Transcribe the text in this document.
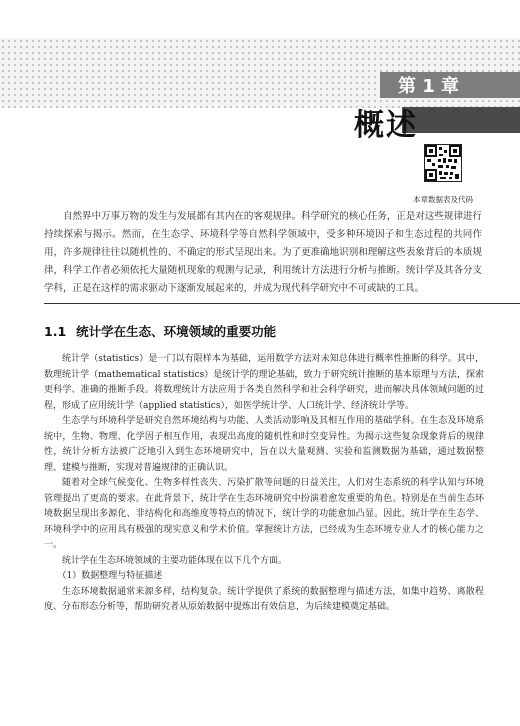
第 1 章
概述
本章数据表及代码
自然界中万事万物的发生与发展都有其内在的客观规律。科学研究的核心任务，正是对这些规律进行持续探索与揭示。然而，在生态学、环境科学等自然科学领域中，受多种环境因子和生态过程的共同作用，许多规律往往以随机性的、不确定的形式呈现出来。为了更准确地识别和理解这些表象背后的本质规律，科学工作者必须依托大量随机现象的观测与记录，利用统计方法进行分析与推断。统计学及其各分支学科，正是在这样的需求驱动下逐渐发展起来的，并成为现代科学研究中不可或缺的工具。
1.1 统计学在生态、环境领域的重要功能

统计学（statistics）是一门以有限样本为基础，运用数学方法对未知总体进行概率性推断的科学。其中，数理统计学（mathematical statistics）是统计学的理论基础，致力于研究统计推断的基本原理与方法，探索更科学、准确的推断手段。将数理统计方法应用于各类自然科学和社会科学研究，进而解决具体领域问题的过程，形成了应用统计学（applied statistics），如医学统计学、人口统计学、经济统计学等。

生态学与环境科学是研究自然环境结构与功能、人类活动影响及其相互作用的基础学科。在生态及环境系统中，生物、物理、化学因子相互作用，表现出高度的随机性和时空变异性。为揭示这些复杂现象背后的规律性，统计分析方法被广泛地引入到生态环境研究中，旨在以大量观测、实验和监测数据为基础，通过数据整理、建模与推断，实现对普遍规律的正确认识。

随着对全球气候变化、生物多样性丧失、污染扩散等问题的日益关注，人们对生态系统的科学认知与环境管理提出了更高的要求。在此背景下，统计学在生态环境研究中扮演着愈发重要的角色。特别是在当前生态环境数据呈现出多源化、非结构化和高维度等特点的情况下，统计学的功能愈加凸显。因此，统计学在生态学、环境科学中的应用具有极强的现实意义和学术价值。掌握统计方法，已经成为生态环境专业人才的核心能力之一。

统计学在生态环境领域的主要功能体现在以下几个方面。

（1）数据整理与特征描述

生态环境数据通常来源多样，结构复杂。统计学提供了系统的数据整理与描述方法，如集中趋势、离散程度、分布形态分析等，帮助研究者从原始数据中提炼出有效信息，为后续建模奠定基础。
